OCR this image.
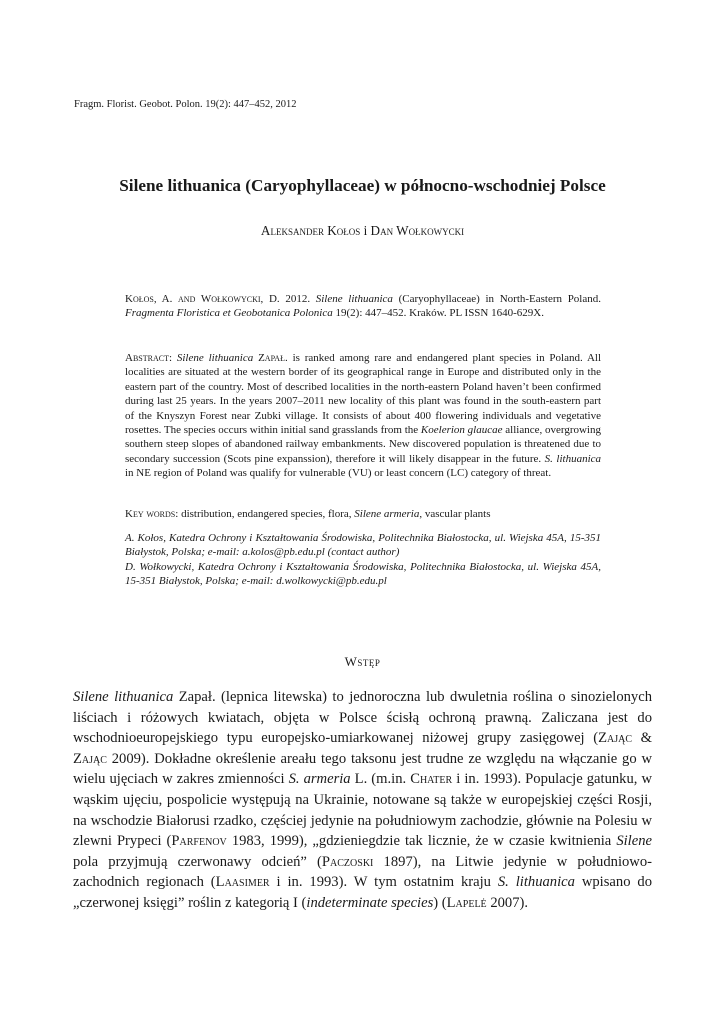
Fragm. Florist. Geobot. Polon. 19(2): 447–452, 2012
Silene lithuanica (Caryophyllaceae) w północno-wschodniej Polsce
Aleksander Kołos i Dan Wołkowycki
Kołos, A. and Wołkowycki, D. 2012. Silene lithuanica (Caryophyllaceae) in North-Eastern Poland. Fragmenta Floristica et Geobotanica Polonica 19(2): 447–452. Kraków. PL ISSN 1640-629X.

Abstract: Silene lithuanica Zapał. is ranked among rare and endangered plant species in Poland. All localities are situated at the western border of its geographical range in Europe and distributed only in the eastern part of the country. Most of described localities in the north-eastern Poland haven’t been confirmed during last 25 years. In the years 2007–2011 new locality of this plant was found in the south-eastern part of the Knyszyn Forest near Zubki village. It consists of about 400 flowering individuals and vegetative rosettes. The species occurs within initial sand grasslands from the Koelerion glaucae alliance, overgrowing southern steep slopes of abandoned railway embankments. New discovered population is threatened due to secondary succession (Scots pine expanssion), therefore it will likely disappear in the future. S. lithuanica in NE region of Poland was qualify for vulnerable (VU) or least concern (LC) category of threat.

Key words: distribution, endangered species, flora, Silene armeria, vascular plants
A. Kołos, Katedra Ochrony i Kształtowania Środowiska, Politechnika Białostocka, ul. Wiejska 45A, 15-351 Białystok, Polska; e-mail: a.kolos@pb.edu.pl (contact author)
D. Wołkowycki, Katedra Ochrony i Kształtowania Środowiska, Politechnika Białostocka, ul. Wiejska 45A, 15-351 Białystok, Polska; e-mail: d.wolkowycki@pb.edu.pl
Wstęp

Silene lithuanica Zapał. (lepnica litewska) to jednoroczna lub dwuletnia roślina o sinozielonych liściach i różowych kwiatach, objęta w Polsce ścisłą ochroną prawną. Zaliczana jest do wschodnioeuropejskiego typu europejsko-umiarkowanej niżowej grupy zasięgowej (Zając & Zając 2009). Dokładne określenie areału tego taksonu jest trudne ze względu na włączanie go w wielu ujęciach w zakres zmienności S. armeria L. (m.in. Chater i in. 1993). Populacje gatunku, w wąskim ujęciu, pospolicie występują na Ukrainie, notowane są także w europejskiej części Rosji, na wschodzie Białorusi rzadko, częściej jedynie na południowym zachodzie, głównie na Polesiu w zlewni Prypeci (Parfenov 1983, 1999), „gdzieniegdzie tak licznie, że w czasie kwitnienia Silene pola przyjmują czerwonawy odcień” (Paczoski 1897), na Litwie jedynie w południowo-zachodnich regionach (Laasimer i in. 1993). W tym ostatnim kraju S. lithuanica wpisano do „czerwonej księgi” roślin z kategorią I (indeterminate species) (Lapelė 2007).
